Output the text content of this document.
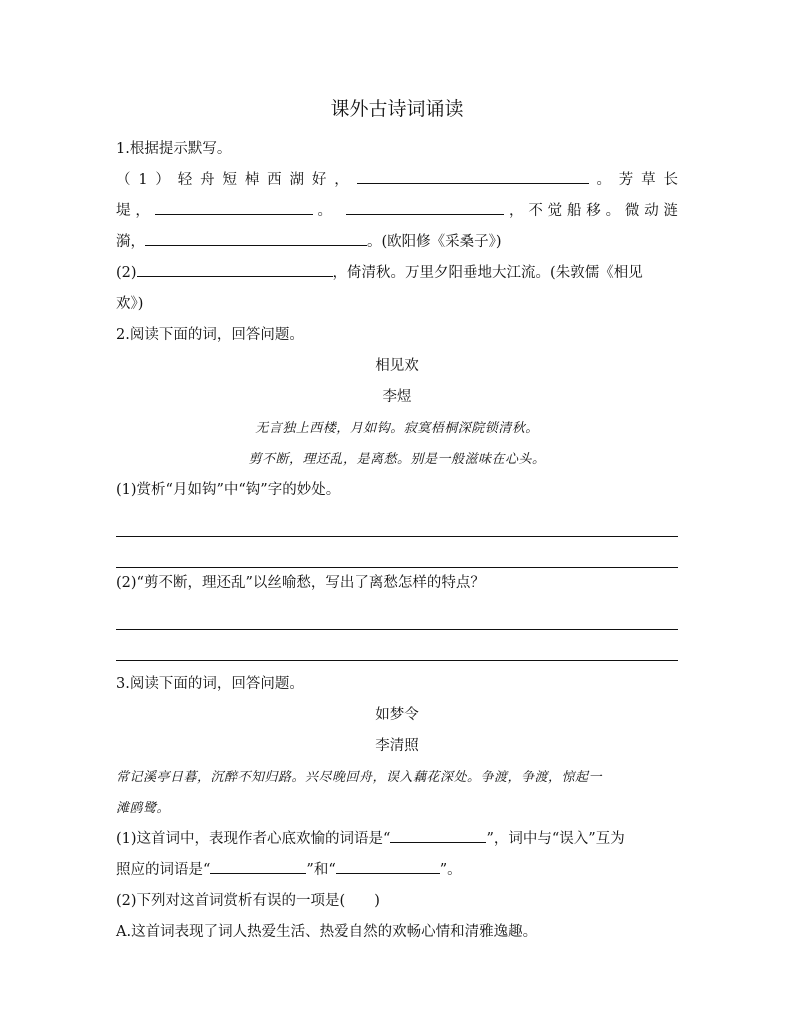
课外古诗词诵读

1.根据提示默写。

（1）轻舟短棹西湖好，	。芳草长

堤，	。	，不觉船移。微动涟

漪，	。(欧阳修《采桑子》)

(2)	，倚清秋。万里夕阳垂地大江流。(朱敦儒《相见

欢》)

2.阅读下面的词，回答问题。

相见欢

李煜

无言独上西楼，月如钩。寂寞梧桐深院锁清秋。

剪不断，理还乱，是离愁。别是一般滋味在心头。

(1)赏析“月如钩”中“钩”字的妙处。

(2)“剪不断，理还乱”以丝喻愁，写出了离愁怎样的特点？

3.阅读下面的词，回答问题。

如梦令

李清照

常记溪亭日暮，沉醉不知归路。兴尽晚回舟，误入藕花深处。争渡，争渡，惊起一

滩鸥鹭。

(1)这首词中，表现作者心底欢愉的词语是“	”，词中与“误入”互为

照应的词语是“	”和“	”。

(2)下列对这首词赏析有误的一项是(　　)

A.这首词表现了词人热爱生活、热爱自然的欢畅心情和清雅逸趣。
